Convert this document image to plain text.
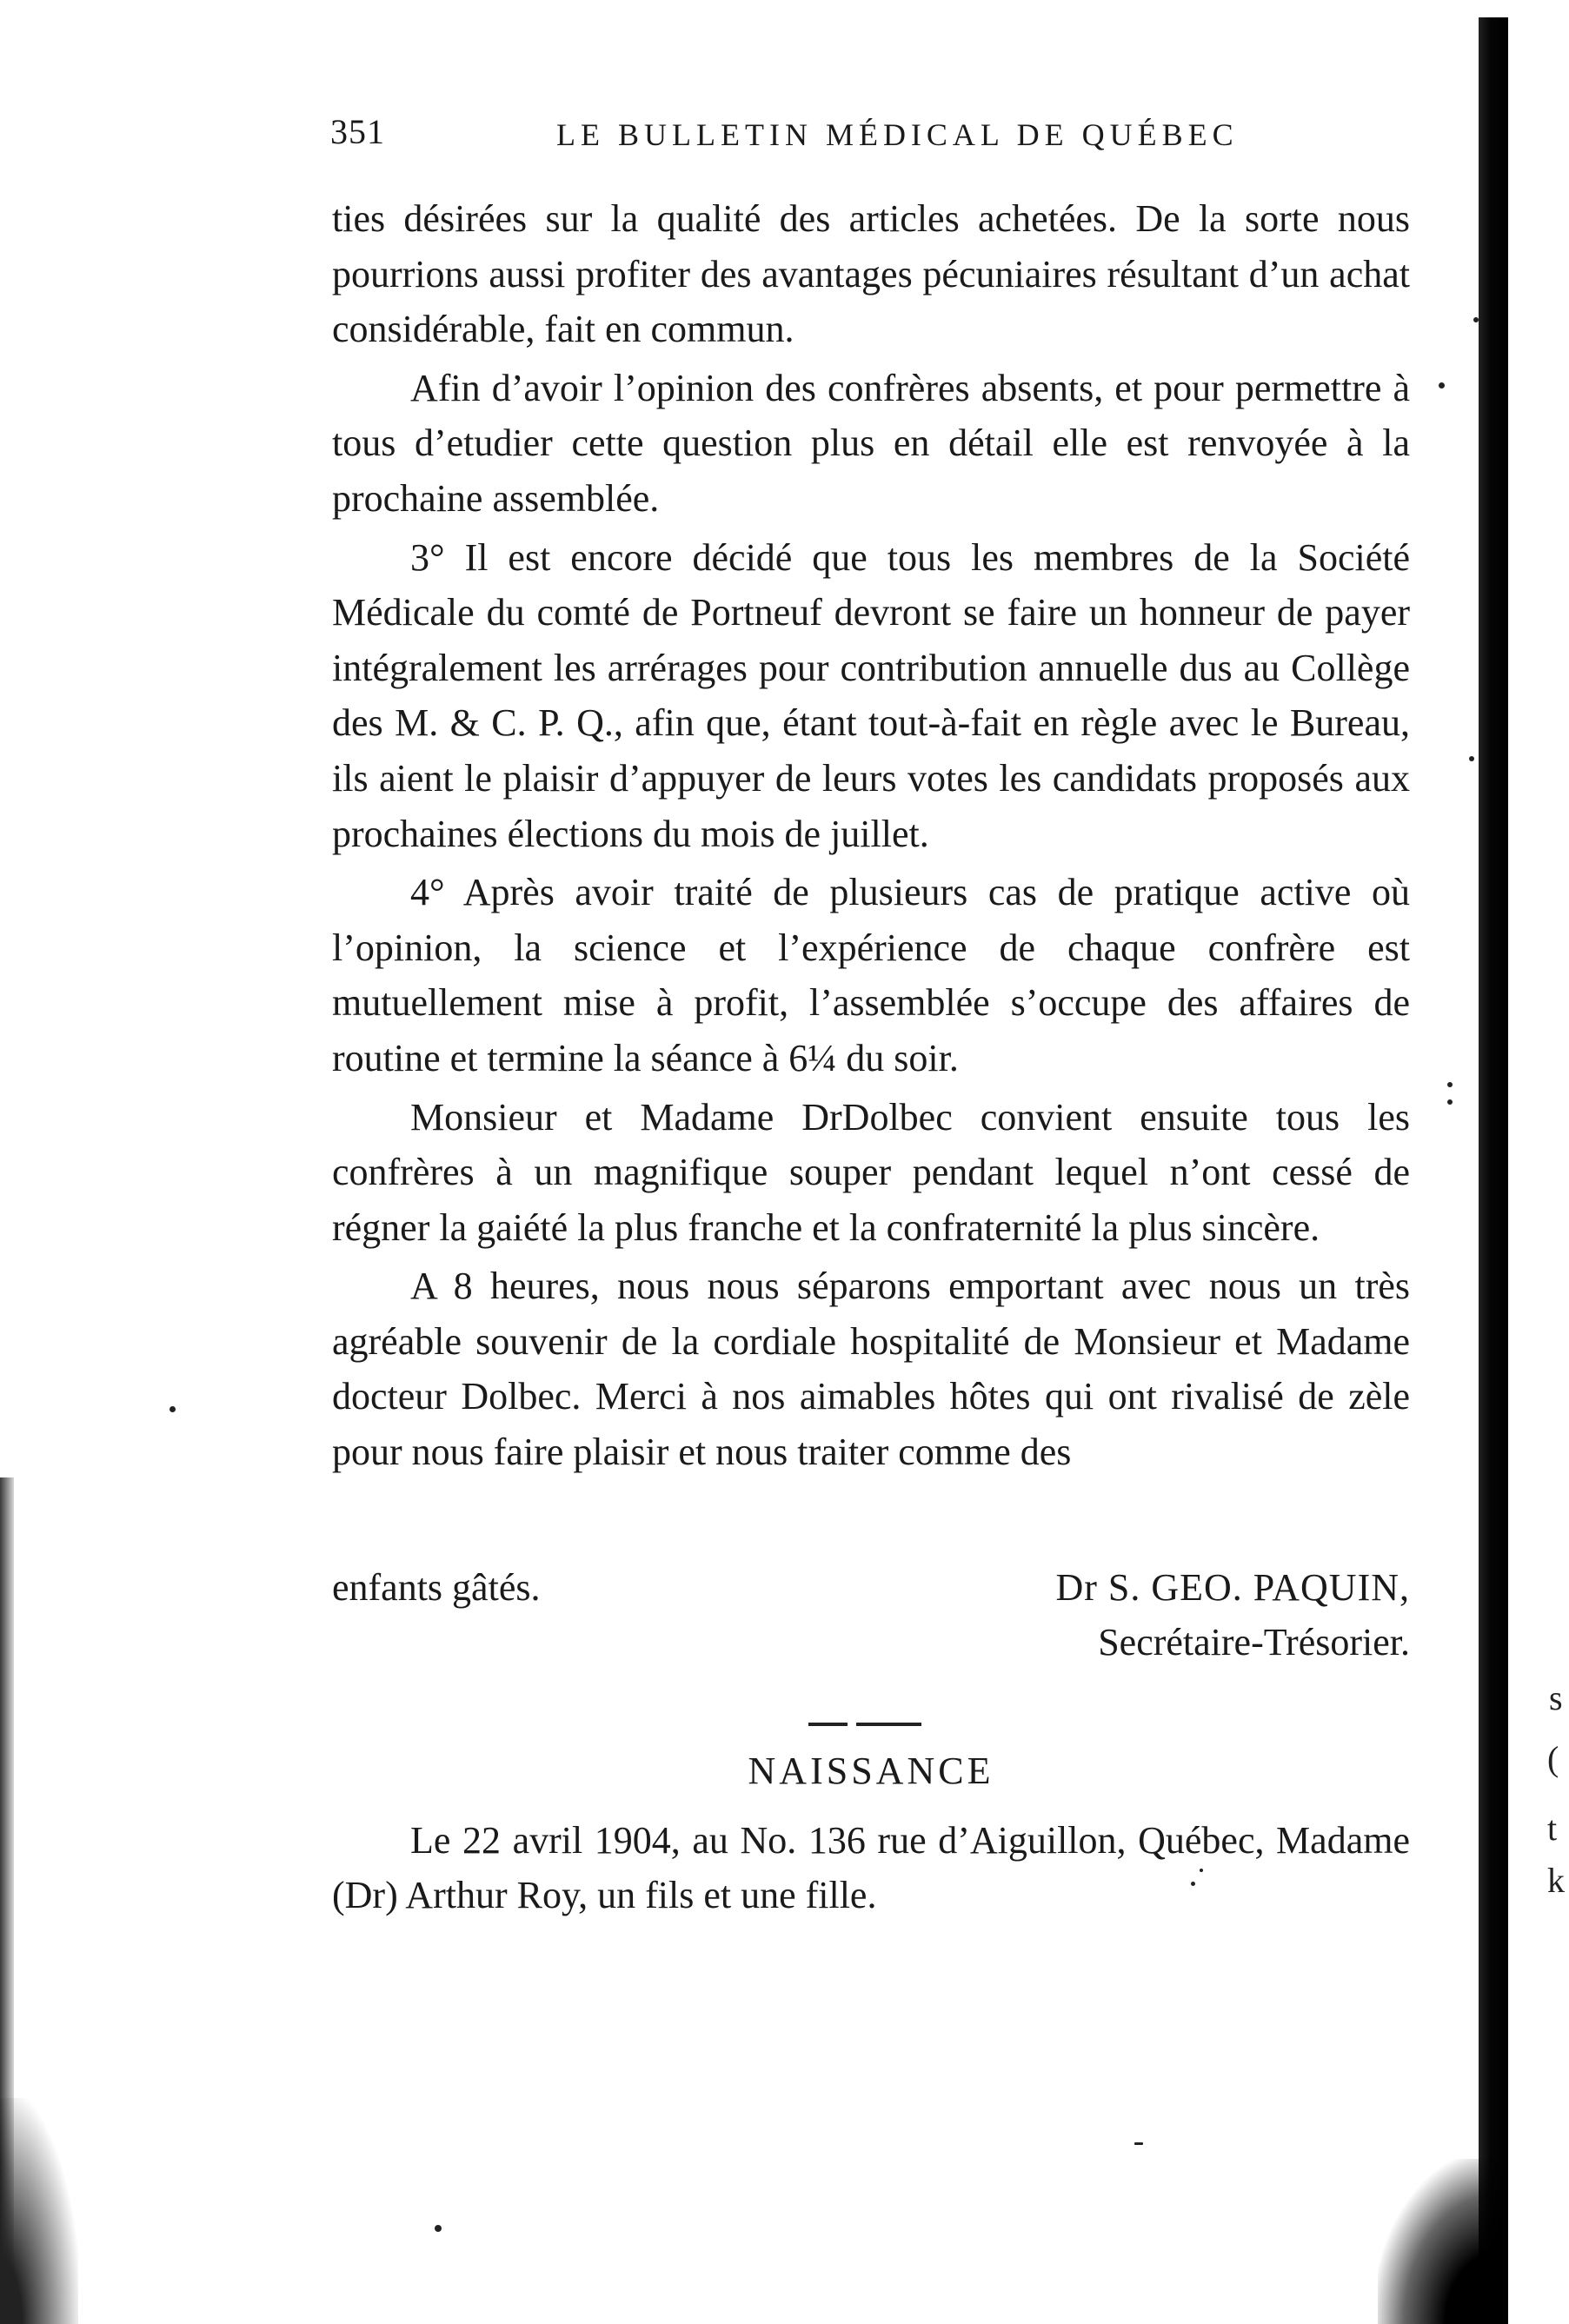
351	LE BULLETIN MÉDICAL DE QUÉBEC

ties désirées sur la qualité des articles achetées. De la sorte nous pourrions aussi profiter des avantages pécuniaires résultant d’un achat considérable, fait en commun.

Afin d’avoir l’opinion des confrères absents, et pour permettre à tous d’etudier cette question plus en détail elle est renvoyée à la prochaine assemblée.

3° Il est encore décidé que tous les membres de la Société Médicale du comté de Portneuf devront se faire un honneur de payer intégralement les arrérages pour contribution annuelle dus au Collège des M. & C. P. Q., afin que, étant tout-à-fait en règle avec le Bureau, ils aient le plaisir d’appuyer de leurs votes les candidats proposés aux prochaines élections du mois de juillet.

4° Après avoir traité de plusieurs cas de pratique active où l’opinion, la science et l’expérience de chaque confrère est mutuellement mise à profit, l’assemblée s’occupe des affaires de routine et termine la séance à 6¼ du soir.

Monsieur et Madame DrDolbec convient ensuite tous les confrères à un magnifique souper pendant lequel n’ont cessé de régner la gaiété la plus franche et la confraternité la plus sincère.

A 8 heures, nous nous séparons emportant avec nous un très agréable souvenir de la cordiale hospitalité de Monsieur et Madame docteur Dolbec. Merci à nos aimables hôtes qui ont rivalisé de zèle pour nous faire plaisir et nous traiter comme des

enfants gâtés.	Dr S. GEO. PAQUIN,
Secrétaire-Trésorier.
NAISSANCE

Le 22 avril 1904, au No. 136 rue d’Aiguillon, Québec, Madame (Dr) Arthur Roy, un fils et une fille.

s
(
t
k
